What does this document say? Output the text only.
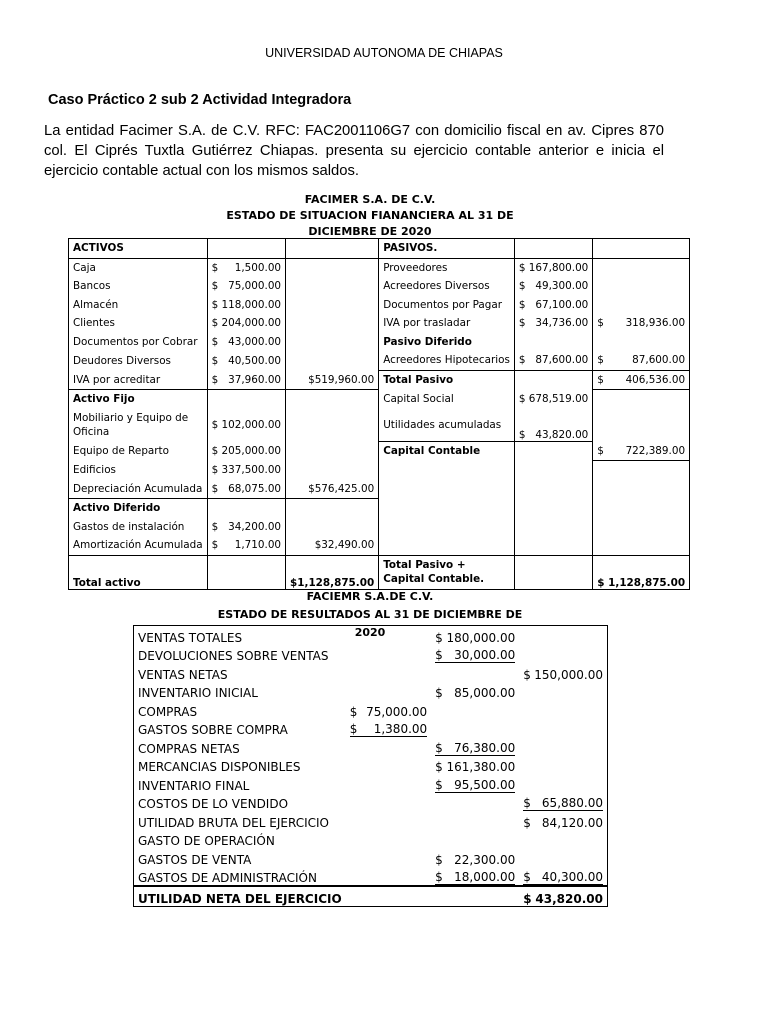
UNIVERSIDAD AUTONOMA DE CHIAPAS
Caso Práctico 2 sub 2 Actividad Integradora
La entidad Facimer S.A. de C.V. RFC: FAC2001106G7 con domicilio fiscal en av. Cipres 870 col. El Ciprés Tuxtla Gutiérrez Chiapas. presenta su ejercicio contable anterior e inicia el ejercicio contable actual con los mismos saldos.
FACIMER S.A. DE C.V.
ESTADO DE SITUACION FIANANCIERA AL 31 DE
DICIEMBRE DE 2020
ACTIVOS			PASIVOS.		
Caja	$ 1,500.00		Proveedores	$ 167,800.00	
Bancos	$ 75,000.00		Acreedores Diversos	$ 49,300.00	

Almacén	$ 118,000.00		Documentos por Pagar	$ 67,100.00	

Clientes	$ 204,000.00		IVA por trasladar	$ 34,736.00	$ 318,936.00

Documentos por Cobrar	$ 43,000.00		Pasivo Diferido		
Deudores Diversos	$ 40,500.00		Acreedores Hipotecarios	$ 87,600.00	$ 87,600.00

IVA por acreditar	$ 37,960.00	$519,960.00	Total Pasivo		$ 406,536.00

Activo Fijo			Capital Social	$ 678,519.00	
Mobiliario y Equipo de Oficina	$ 102,000.00		Utilidades acumuladas	$ 43,820.00	

Equipo de Reparto	$ 205,000.00		Capital Contable		$ 722,389.00

Edificios	$ 337,500.00				
Depreciación Acumulada	$ 68,075.00	$576,425.00			
Activo Diferido					
Gastos de instalación	$ 34,200.00				

Amortización Acumulada	$ 1,710.00	$32,490.00			
Total activo		$1,128,875.00	Total Pasivo + Capital Contable.		$ 1,128,875.00
FACIEMR S.A.DE C.V.
ESTADO DE RESULTADOS AL 31 DE DICIEMBRE DE 2020
VENTAS TOTALES		$ 180,000.00	

DEVOLUCIONES SOBRE VENTAS		$ 30,000.00	

VENTAS NETAS			$ 150,000.00

INVENTARIO INICIAL		$ 85,000.00	

COMPRAS	$ 75,000.00		

GASTOS SOBRE COMPRA	$ 1,380.00		

COMPRAS NETAS		$ 76,380.00	

MERCANCIAS DISPONIBLES		$ 161,380.00	

INVENTARIO FINAL		$ 95,500.00	

COSTOS DE LO VENDIDO			$ 65,880.00

UTILIDAD BRUTA DEL EJERCICIO			$ 84,120.00

GASTO DE OPERACIÓN			
GASTOS DE VENTA		$ 22,300.00	

GASTOS DE ADMINISTRACIÓN		$ 18,000.00	$ 40,300.00

UTILIDAD NETA DEL EJERCICIO			$ 43,820.00
